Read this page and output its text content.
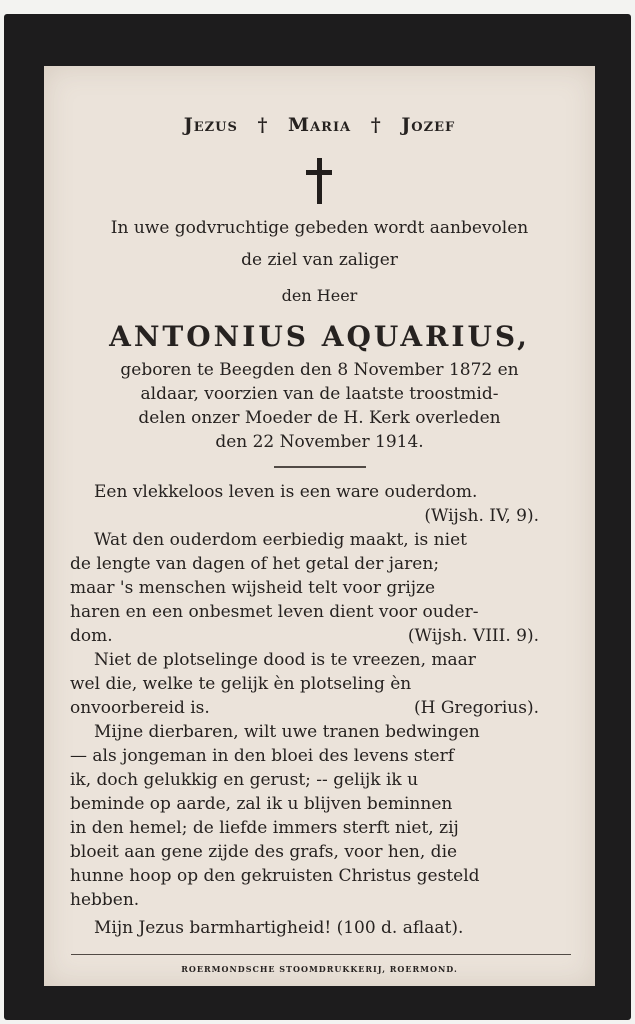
Jezus † Maria † Jozef
In uwe godvruchtige gebeden wordt aanbevolen
de ziel van zaliger
den Heer
ANTONIUS AQUARIUS,
geboren te Beegden den 8 November 1872 en
aldaar, voorzien van de laatste troostmid-
delen onzer Moeder de H. Kerk overleden
den 22 November 1914.
Een vlekkeloos leven is een ware ouderdom.
(Wijsh. IV, 9).
Wat den ouderdom eerbiedig maakt, is niet
de lengte van dagen of het getal der jaren;
maar 's menschen wijsheid telt voor grijze
haren en een onbesmet leven dient voor ouder-
dom.	(Wijsh. VIII. 9).
Niet de plotselinge dood is te vreezen, maar
wel die, welke te gelijk èn plotseling èn
onvoorbereid is.	(H Gregorius).
Mijne dierbaren, wilt uwe tranen bedwingen
— als jongeman in den bloei des levens sterf
ik, doch gelukkig en gerust; -- gelijk ik u
beminde op aarde, zal ik u blijven beminnen
in den hemel; de liefde immers sterft niet, zij
bloeit aan gene zijde des grafs, voor hen, die
hunne hoop op den gekruisten Christus gesteld
hebben.
Mijn Jezus barmhartigheid! (100 d. aflaat).
ROERMONDSCHE STOOMDRUKKERIJ, ROERMOND.
